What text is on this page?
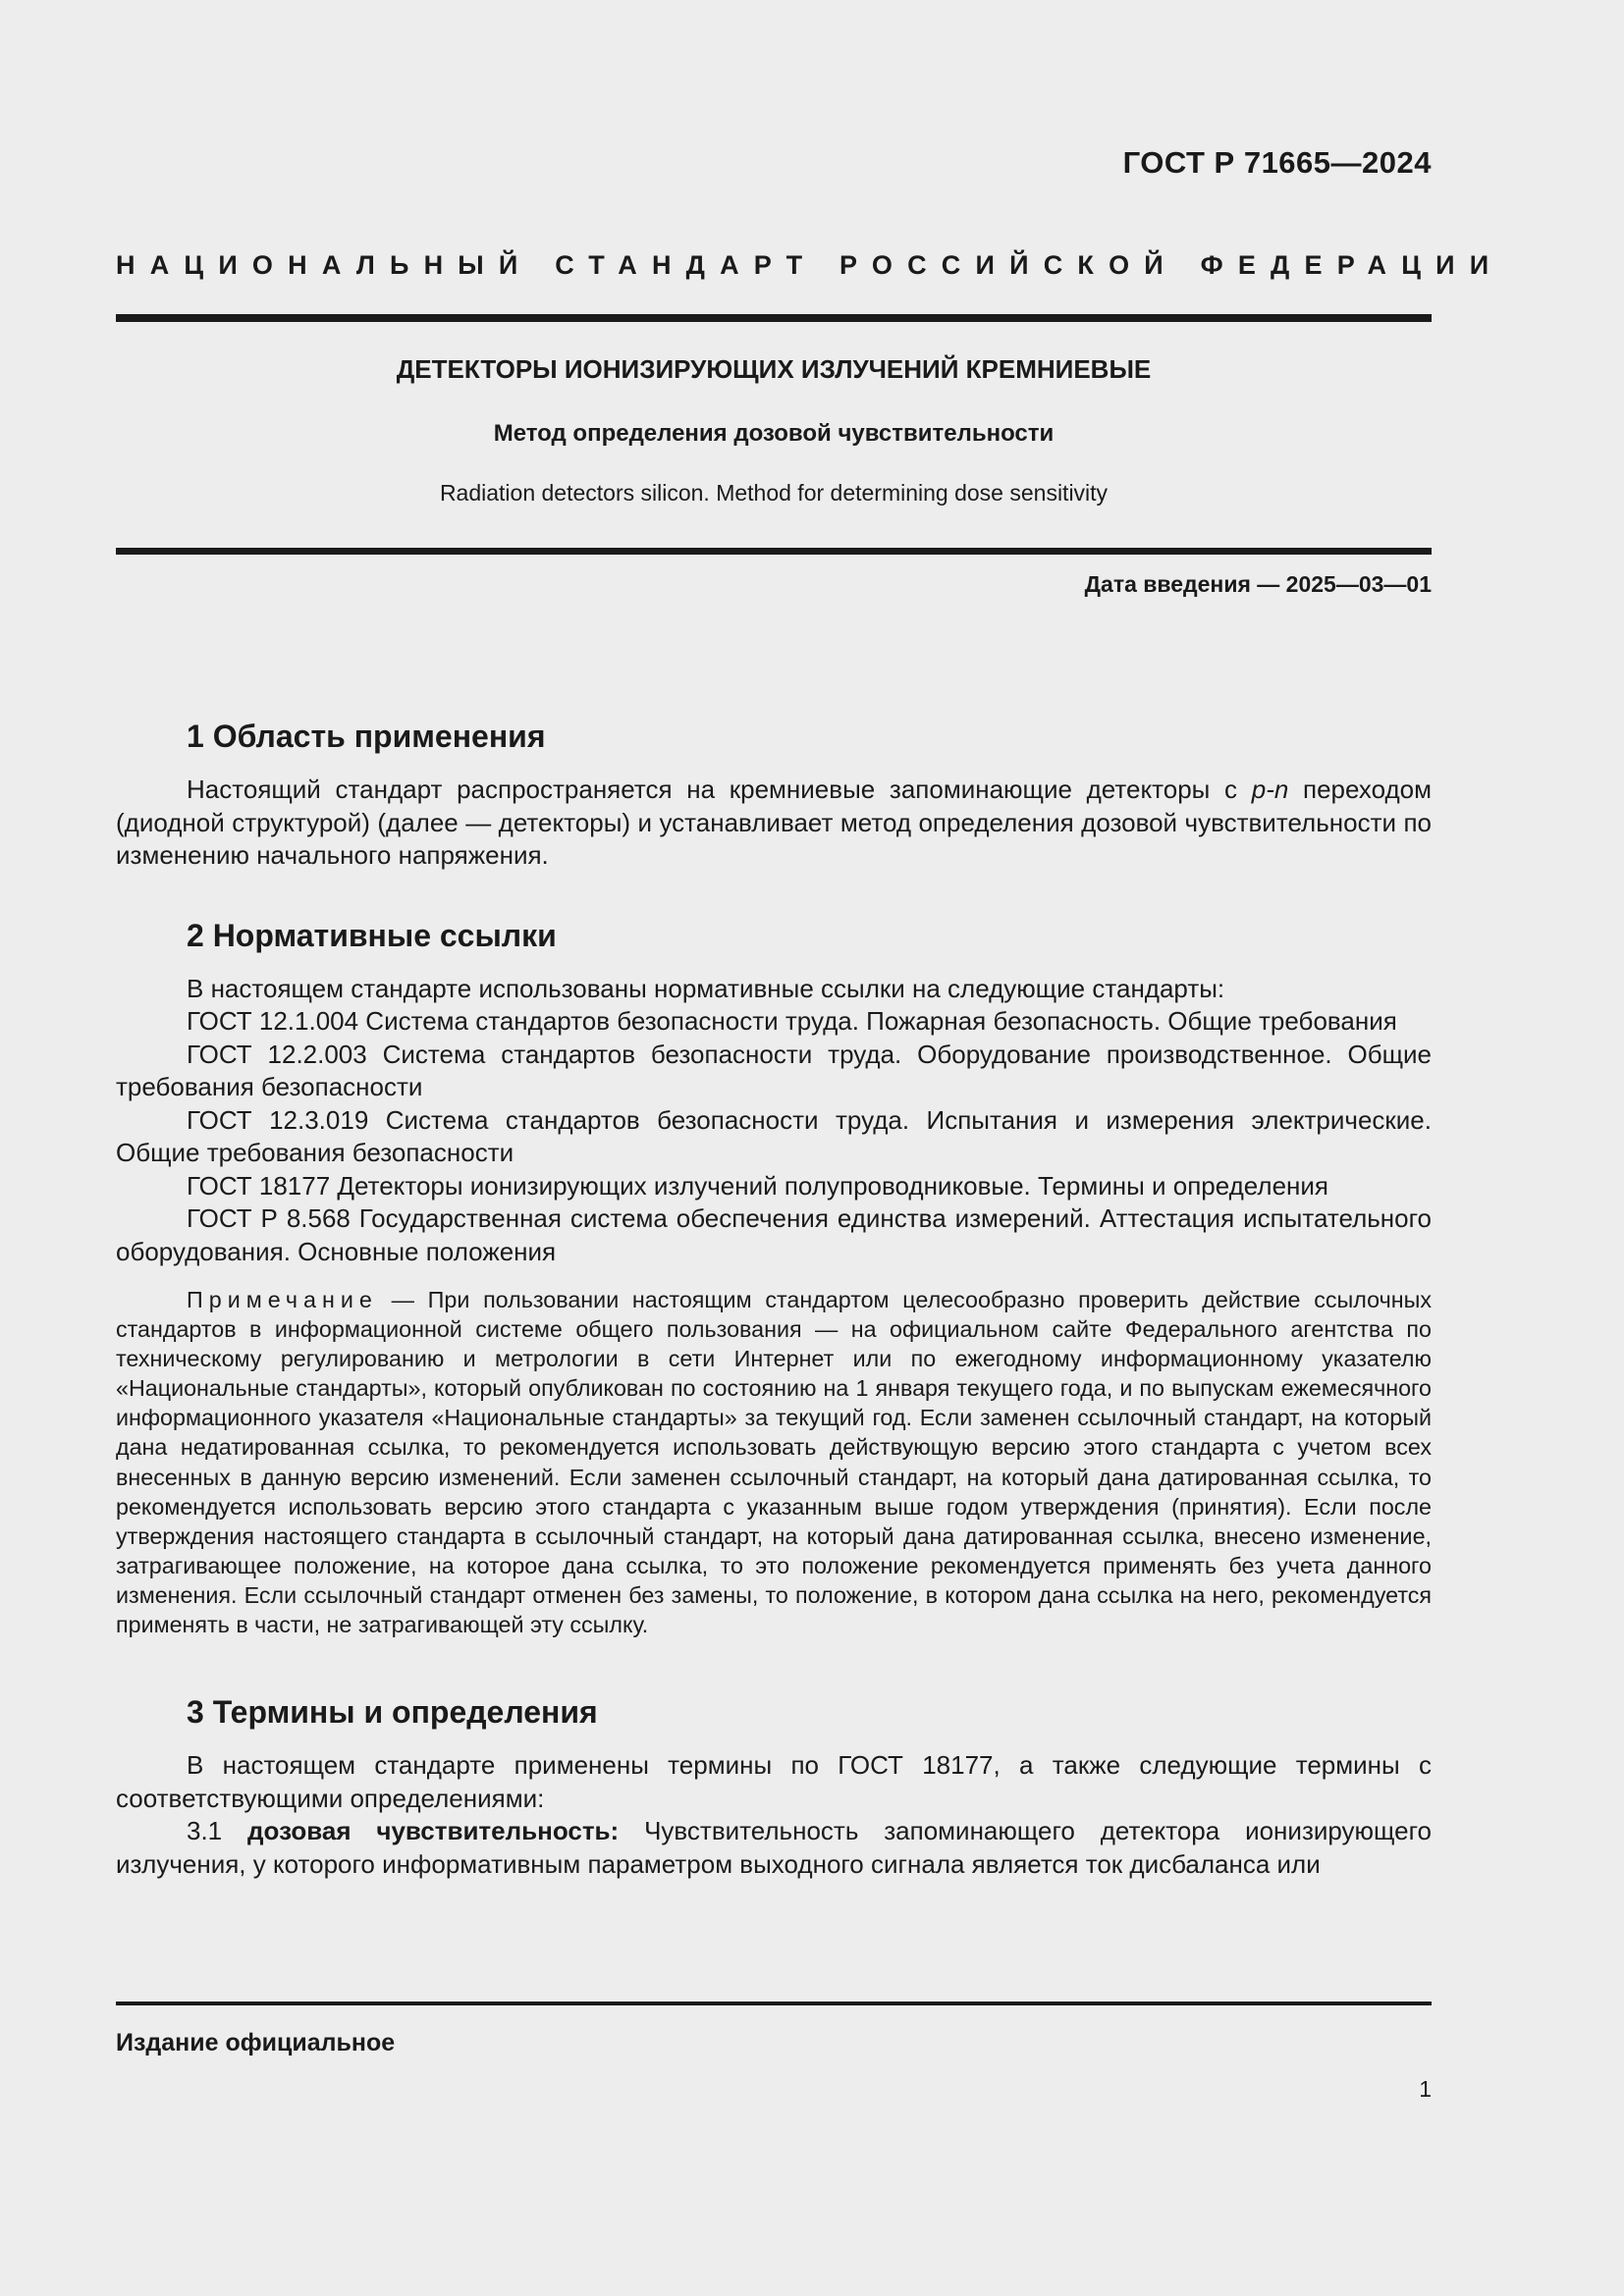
ГОСТ Р 71665—2024
НАЦИОНАЛЬНЫЙ СТАНДАРТ РОССИЙСКОЙ ФЕДЕРАЦИИ
ДЕТЕКТОРЫ ИОНИЗИРУЮЩИХ ИЗЛУЧЕНИЙ КРЕМНИЕВЫЕ
Метод определения дозовой чувствительности
Radiation detectors silicon. Method for determining dose sensitivity
Дата введения — 2025—03—01
1 Область применения

Настоящий стандарт распространяется на кремниевые запоминающие детекторы с р-n переходом (диодной структурой) (далее — детекторы) и устанавливает метод определения дозовой чувствительности по изменению начального напряжения.

2 Нормативные ссылки

В настоящем стандарте использованы нормативные ссылки на следующие стандарты:

ГОСТ 12.1.004 Система стандартов безопасности труда. Пожарная безопасность. Общие требования

ГОСТ 12.2.003 Система стандартов безопасности труда. Оборудование производственное. Общие требования безопасности

ГОСТ 12.3.019 Система стандартов безопасности труда. Испытания и измерения электрические. Общие требования безопасности

ГОСТ 18177 Детекторы ионизирующих излучений полупроводниковые. Термины и определения

ГОСТ Р 8.568 Государственная система обеспечения единства измерений. Аттестация испытательного оборудования. Основные положения

Примечание — При пользовании настоящим стандартом целесообразно проверить действие ссылочных стандартов в информационной системе общего пользования — на официальном сайте Федерального агентства по техническому регулированию и метрологии в сети Интернет или по ежегодному информационному указателю «Национальные стандарты», который опубликован по состоянию на 1 января текущего года, и по выпускам ежемесячного информационного указателя «Национальные стандарты» за текущий год. Если заменен ссылочный стандарт, на который дана недатированная ссылка, то рекомендуется использовать действующую версию этого стандарта с учетом всех внесенных в данную версию изменений. Если заменен ссылочный стандарт, на который дана датированная ссылка, то рекомендуется использовать версию этого стандарта с указанным выше годом утверждения (принятия). Если после утверждения настоящего стандарта в ссылочный стандарт, на который дана датированная ссылка, внесено изменение, затрагивающее положение, на которое дана ссылка, то это положение рекомендуется применять без учета данного изменения. Если ссылочный стандарт отменен без замены, то положение, в котором дана ссылка на него, рекомендуется применять в части, не затрагивающей эту ссылку.

3 Термины и определения

В настоящем стандарте применены термины по ГОСТ 18177, а также следующие термины с соответствующими определениями:

3.1 дозовая чувствительность: Чувствительность запоминающего детектора ионизирующего излучения, у которого информативным параметром выходного сигнала является ток дисбаланса или

Издание официальное
1
